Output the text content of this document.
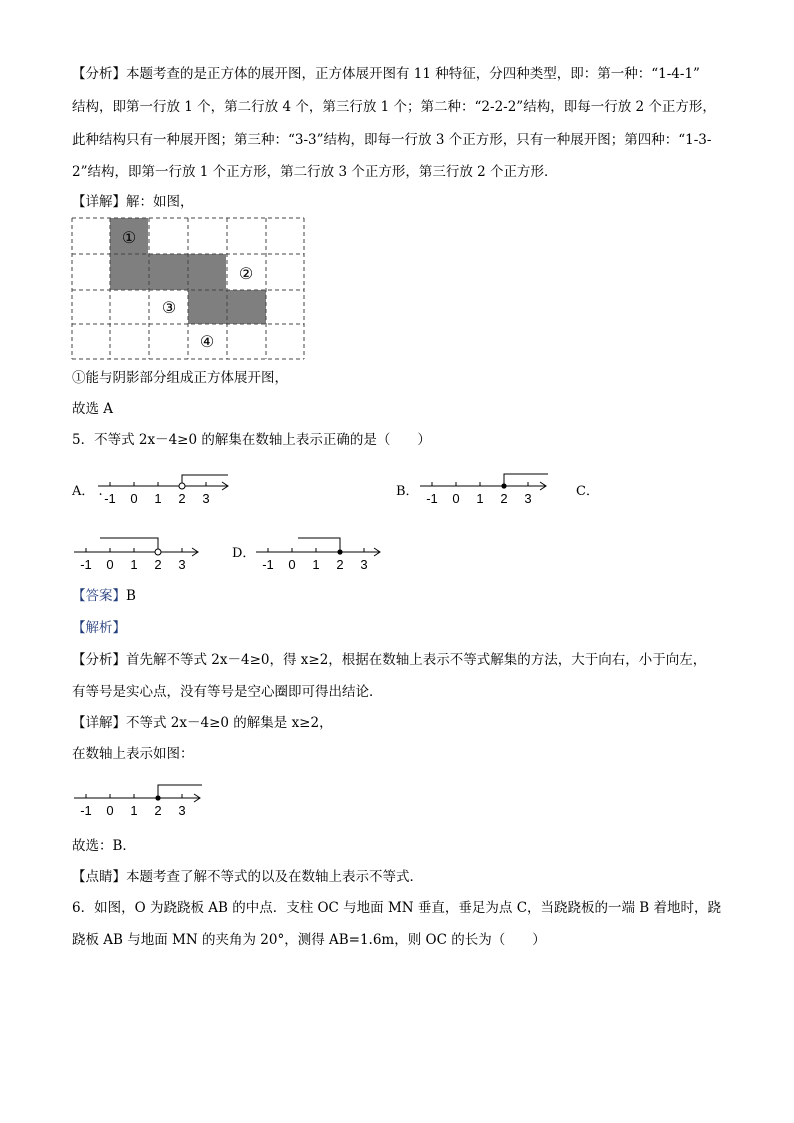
【分析】本题考查的是正方体的展开图，正方体展开图有 11 种特征，分四种类型，即：第一种：“1-4-1”
结构，即第一行放 1 个，第二行放 4 个，第三行放 1 个；第二种：“2-2-2”结构，即每一行放 2 个正方形，
此种结构只有一种展开图；第三种：“3-3”结构，即每一行放 3 个正方形，只有一种展开图；第四种：“1-3-
2”结构，即第一行放 1 个正方形，第二行放 3 个正方形，第三行放 2 个正方形．
【详解】解：如图，
①
②
③
④
①能与阴影部分组成正方体展开图，
故选 A
5．不等式 2x－4≥0 的解集在数轴上表示正确的是（　　）
A． . -1 0 1 2 3	B． -1 0 1 2 3	C．
-1 0 1 2 3
D．
-1 0 1 2 3
【答案】B
【解析】
【分析】首先解不等式 2x－4≥0，得 x≥2，根据在数轴上表示不等式解集的方法，大于向右，小于向左，
有等号是实心点，没有等号是空心圈即可得出结论．
【详解】不等式 2x－4≥0 的解集是 x≥2，
在数轴上表示如图：
-1 0 1 2 3
故选：B．
【点睛】本题考查了解不等式的以及在数轴上表示不等式．
6．如图，O 为跷跷板 AB 的中点．支柱 OC 与地面 MN 垂直，垂足为点 C，当跷跷板的一端 B 着地时，跷
跷板 AB 与地面 MN 的夹角为 20°，测得 AB=1.6m，则 OC 的长为（　　）
